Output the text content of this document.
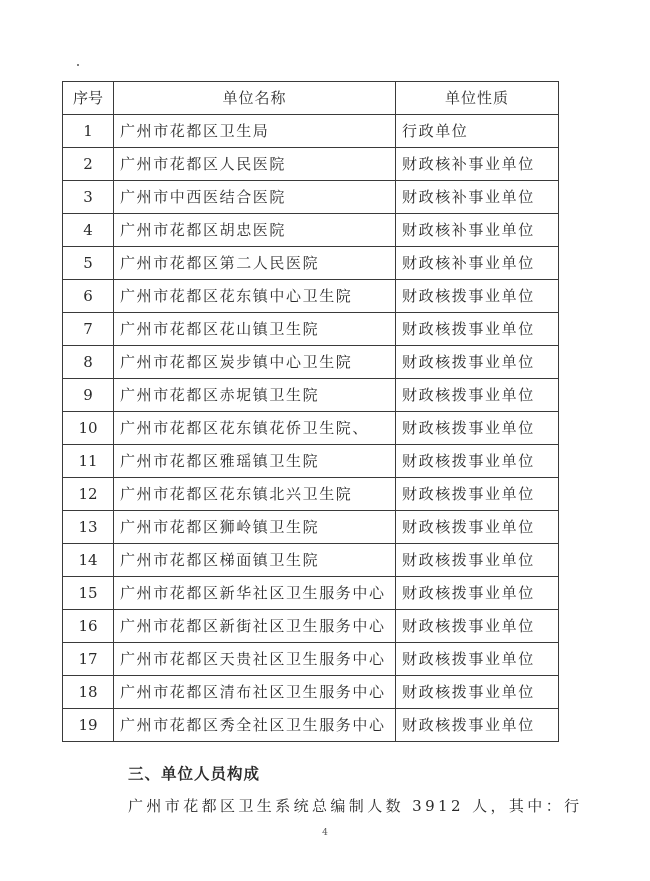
序号	单位名称	单位性质
1	广州市花都区卫生局	行政单位
2	广州市花都区人民医院	财政核补事业单位
3	广州市中西医结合医院	财政核补事业单位
4	广州市花都区胡忠医院	财政核补事业单位
5	广州市花都区第二人民医院	财政核补事业单位
6	广州市花都区花东镇中心卫生院	财政核拨事业单位
7	广州市花都区花山镇卫生院	财政核拨事业单位
8	广州市花都区炭步镇中心卫生院	财政核拨事业单位
9	广州市花都区赤坭镇卫生院	财政核拨事业单位
10	广州市花都区花东镇花侨卫生院、	财政核拨事业单位
11	广州市花都区雅瑶镇卫生院	财政核拨事业单位
12	广州市花都区花东镇北兴卫生院	财政核拨事业单位
13	广州市花都区狮岭镇卫生院	财政核拨事业单位
14	广州市花都区梯面镇卫生院	财政核拨事业单位
15	广州市花都区新华社区卫生服务中心	财政核拨事业单位
16	广州市花都区新街社区卫生服务中心	财政核拨事业单位
17	广州市花都区天贵社区卫生服务中心	财政核拨事业单位
18	广州市花都区清布社区卫生服务中心	财政核拨事业单位
19	广州市花都区秀全社区卫生服务中心	财政核拨事业单位
三、单位人员构成
广州市花都区卫生系统总编制人数 3912 人，其中：行
4
